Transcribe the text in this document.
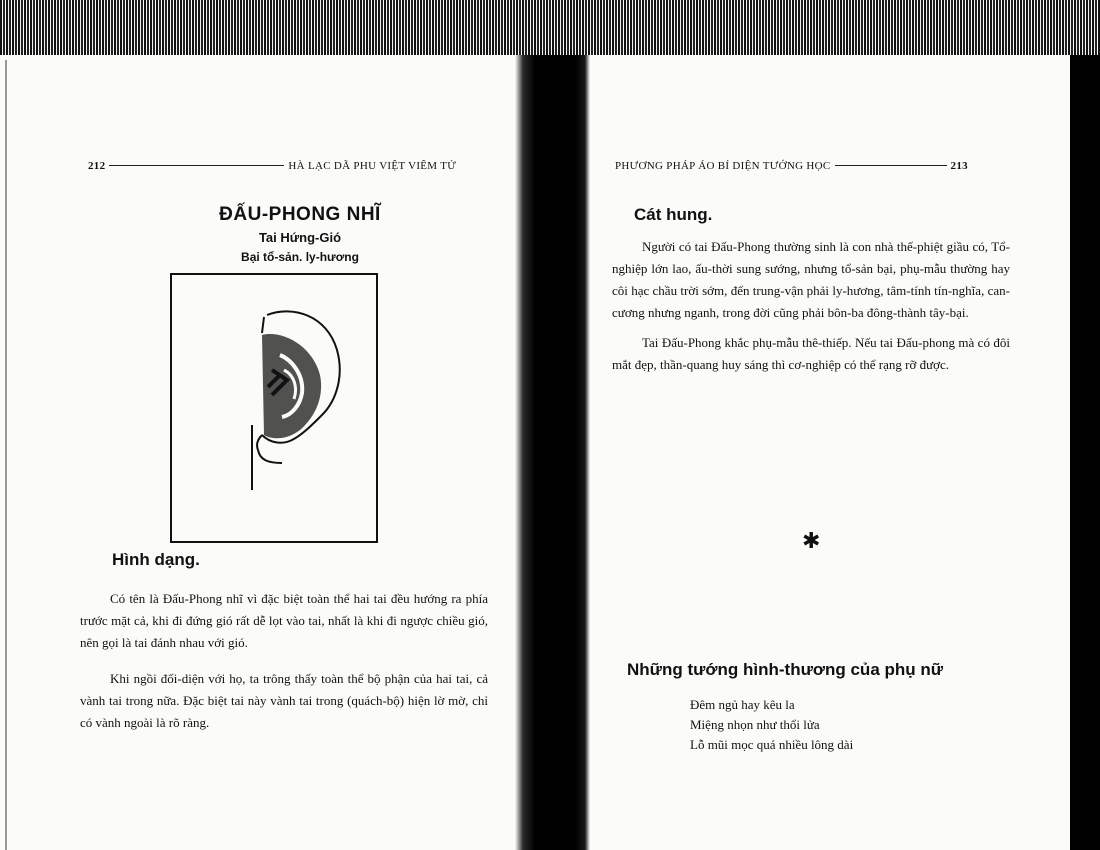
212	HÀ LẠC DÃ PHU VIỆT VIÊM TỬ
ĐẤU-PHONG NHĨ
Tai Hứng-Gió
Bại tổ-sản. ly-hương
Hình dạng.

Có tên là Đấu-Phong nhĩ vì đặc biệt toàn thể hai tai đều hướng ra phía trước mặt cả, khi đi đứng gió rất dễ lọt vào tai, nhất là khi đi ngược chiều gió, nên gọi là tai đánh nhau với gió.

Khi ngồi đối-diện với họ, ta trông thấy toàn thể bộ phận của hai tai, cả vành tai trong nữa. Đặc biệt tai này vành tai trong (quách-bộ) hiện lờ mờ, chỉ có vành ngoài là rõ ràng.

PHƯƠNG PHÁP ÁO BÍ DIỆN TƯỚNG HỌC	213
Cát hung.

Người có tai Đấu-Phong thường sinh là con nhà thế-phiệt giầu có, Tổ-nghiệp lớn lao, ấu-thời sung sướng, nhưng tổ-sản bại, phụ-mẫu thường hay côi hạc chầu trời sớm, đến trung-vận phải ly-hương, tâm-tính tín-nghĩa, can-cương nhưng nganh, trong đời cũng phải bôn-ba đông-thành tây-bại.

Tai Đấu-Phong khắc phụ-mẫu thê-thiếp. Nếu tai Đấu-phong mà có đôi mắt đẹp, thần-quang huy sáng thì cơ-nghiệp có thể rạng rỡ được.

✱
Những tướng hình-thương của phụ nữ
Đêm ngủ hay kêu la
Miệng nhọn như thổi lửa
Lỗ mũi mọc quá nhiều lông dài
